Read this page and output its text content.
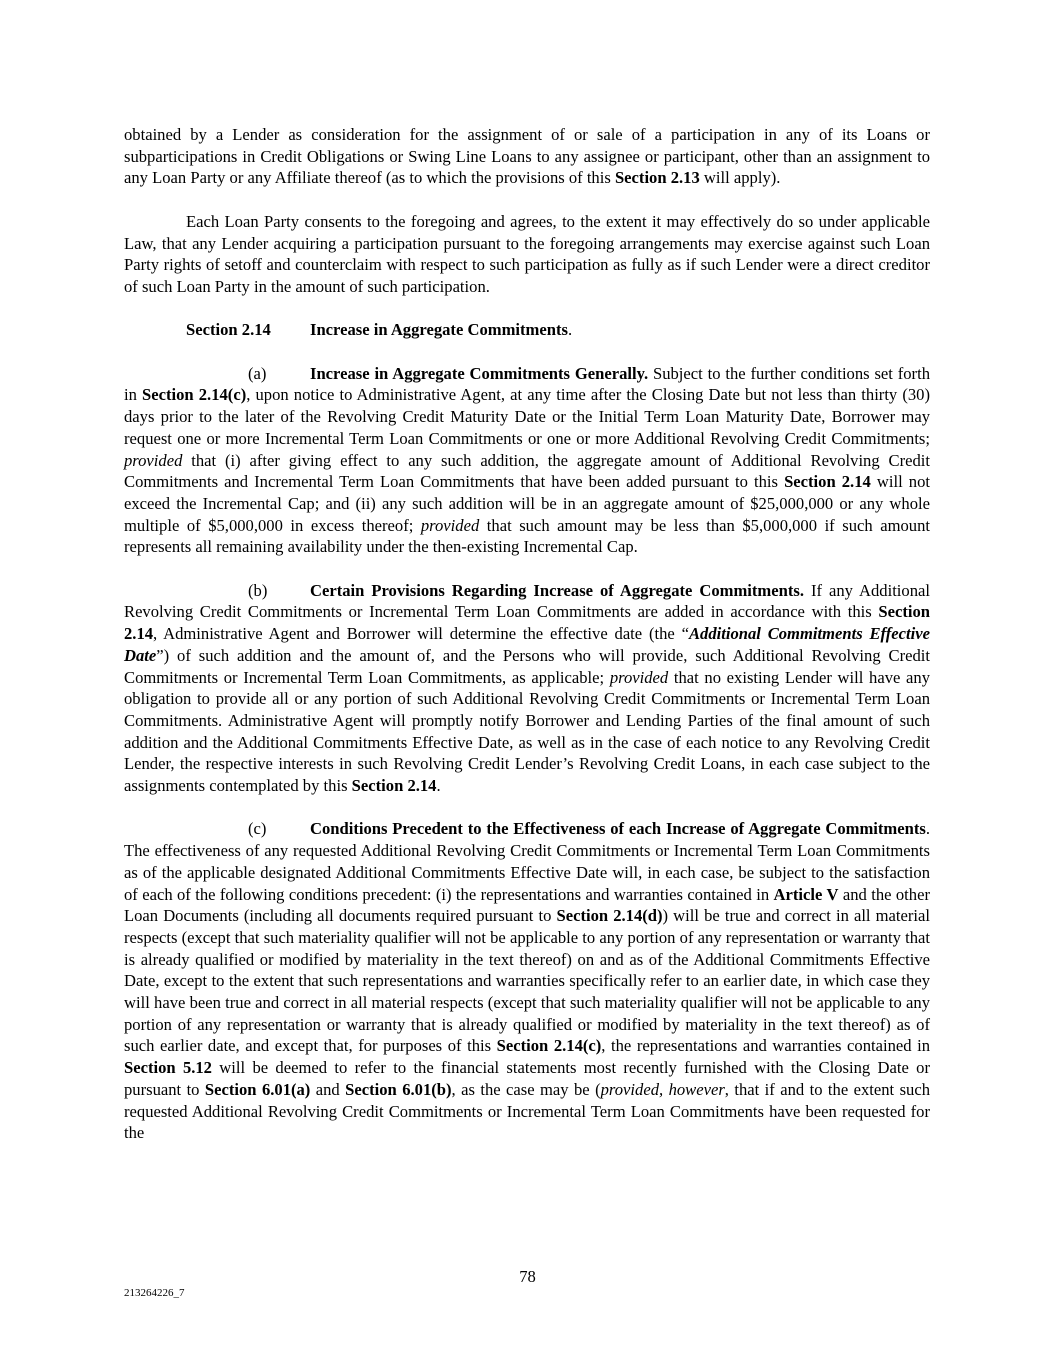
obtained by a Lender as consideration for the assignment of or sale of a participation in any of its Loans or subparticipations in Credit Obligations or Swing Line Loans to any assignee or participant, other than an assignment to any Loan Party or any Affiliate thereof (as to which the provisions of this Section 2.13 will apply).

Each Loan Party consents to the foregoing and agrees, to the extent it may effectively do so under applicable Law, that any Lender acquiring a participation pursuant to the foregoing arrangements may exercise against such Loan Party rights of setoff and counterclaim with respect to such participation as fully as if such Lender were a direct creditor of such Loan Party in the amount of such participation.

Section 2.14 Increase in Aggregate Commitments.

(a)	Increase in Aggregate Commitments Generally. Subject to the further conditions set forth in Section 2.14(c), upon notice to Administrative Agent, at any time after the Closing Date but not less than thirty (30) days prior to the later of the Revolving Credit Maturity Date or the Initial Term Loan Maturity Date, Borrower may request one or more Incremental Term Loan Commitments or one or more Additional Revolving Credit Commitments; provided that (i) after giving effect to any such addition, the aggregate amount of Additional Revolving Credit Commitments and Incremental Term Loan Commitments that have been added pursuant to this Section 2.14 will not exceed the Incremental Cap; and (ii) any such addition will be in an aggregate amount of $25,000,000 or any whole multiple of $5,000,000 in excess thereof; provided that such amount may be less than $5,000,000 if such amount represents all remaining availability under the then-existing Incremental Cap.

(b)	Certain Provisions Regarding Increase of Aggregate Commitments. If any Additional Revolving Credit Commitments or Incremental Term Loan Commitments are added in accordance with this Section 2.14, Administrative Agent and Borrower will determine the effective date (the “Additional Commitments Effective Date”) of such addition and the amount of, and the Persons who will provide, such Additional Revolving Credit Commitments or Incremental Term Loan Commitments, as applicable; provided that no existing Lender will have any obligation to provide all or any portion of such Additional Revolving Credit Commitments or Incremental Term Loan Commitments. Administrative Agent will promptly notify Borrower and Lending Parties of the final amount of such addition and the Additional Commitments Effective Date, as well as in the case of each notice to any Revolving Credit Lender, the respective interests in such Revolving Credit Lender’s Revolving Credit Loans, in each case subject to the assignments contemplated by this Section 2.14.

(c)	Conditions Precedent to the Effectiveness of each Increase of Aggregate Commitments. The effectiveness of any requested Additional Revolving Credit Commitments or Incremental Term Loan Commitments as of the applicable designated Additional Commitments Effective Date will, in each case, be subject to the satisfaction of each of the following conditions precedent: (i) the representations and warranties contained in Article V and the other Loan Documents (including all documents required pursuant to Section 2.14(d)) will be true and correct in all material respects (except that such materiality qualifier will not be applicable to any portion of any representation or warranty that is already qualified or modified by materiality in the text thereof) on and as of the Additional Commitments Effective Date, except to the extent that such representations and warranties specifically refer to an earlier date, in which case they will have been true and correct in all material respects (except that such materiality qualifier will not be applicable to any portion of any representation or warranty that is already qualified or modified by materiality in the text thereof) as of such earlier date, and except that, for purposes of this Section 2.14(c), the representations and warranties contained in Section 5.12 will be deemed to refer to the financial statements most recently furnished with the Closing Date or pursuant to Section 6.01(a) and Section 6.01(b), as the case may be (provided, however, that if and to the extent such requested Additional Revolving Credit Commitments or Incremental Term Loan Commitments have been requested for the

78
213264226_7
